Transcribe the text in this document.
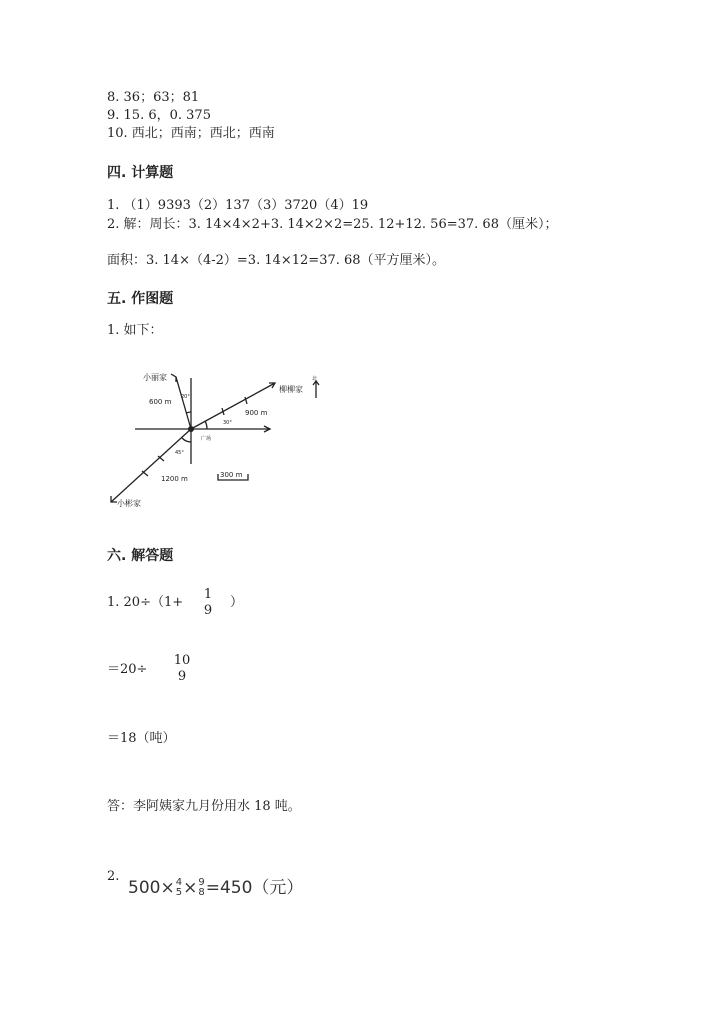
8. 36；63；81
9. 15. 6，0. 375
10. 西北；西南；西北；西南
四. 计算题
1. （1）9393（2）137（3）3720（4）19
2. 解：周长：3. 14×4×2+3. 14×2×2=25. 12+12. 56=37. 68（厘米）；
面积：3. 14×（4-2）=3. 14×12=37. 68（平方厘米）。
五. 作图题
1. 如下：
小丽家
柳柳家
小彬家
600 m
900 m
1200 m
20°
30°
45°
广场
300 m
北
六. 解答题
1. 20÷（1+
1
9
）
＝20÷
10
9
＝18（吨）
答：李阿姨家九月份用水 18 吨。
2.
500× 4
5 × 9
8 =450（元）
